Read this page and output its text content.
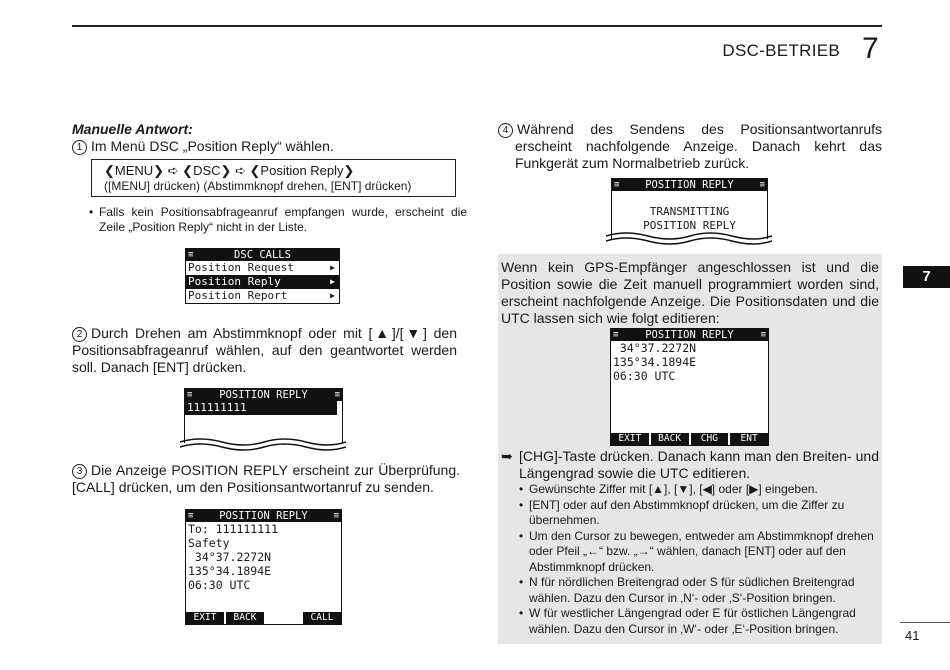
DSC-BETRIEB 7
7
41
Manuelle Antwort:
1 Im Menü DSC „Position Reply“ wählen.
❮MENU❯ ➪ ❮DSC❯ ➪ ❮Position Reply❯
([MENU] drücken) (Abstimmknopf drehen, [ENT] drücken)
• Falls kein Positionsabfrageanruf empfangen wurde, erscheint die Zeile „Position Reply“ nicht in der Liste.
≡	DSC CALLS
Position Request	▶
Position Reply	▶
Position Report	▶
2 Durch Drehen am Abstimmknopf oder mit [▲]/[▼] den Positionsabfrageanruf wählen, auf den geantwortet werden soll. Danach [ENT] drücken.
≡	POSITION REPLY	≡
111111111
3 Die Anzeige POSITION REPLY erscheint zur Überprüfung. [CALL] drücken, um den Positionsantwortanruf zu senden.
≡ POSITION REPLY	≡
To: 111111111
Safety
34°37.2272N
135°34.1894E
06:30 UTC
EXIT	BACK	CALL
4 Während des Sendens des Positionsantwortanrufs erscheint nachfolgende Anzeige. Danach kehrt das Funkgerät zum Normalbetrieb zurück.
≡ POSITION REPLY	≡
TRANSMITTING
POSITION REPLY
Wenn kein GPS-Empfänger angeschlossen ist und die Position sowie die Zeit manuell programmiert worden sind, erscheint nachfolgende Anzeige. Die Positionsdaten und die UTC lassen sich wie folgt editieren:
≡	POSITION REPLY	≡
34°37.2272N
135°34.1894E
06:30 UTC
EXIT	BACK	CHG	ENT
➥ [CHG]-Taste drücken. Danach kann man den Breiten- und Längengrad sowie die UTC editieren.
• Gewünschte Ziffer mit [▲], [▼], [◀] oder [▶] eingeben.
• [ENT] oder auf den Abstimmknopf drücken, um die Ziffer zu übernehmen.
• Um den Cursor zu bewegen, entweder am Abstimmknopf drehen oder Pfeil „←“ bzw. „→“ wählen, danach [ENT] oder auf den Abstimmknopf drücken.
• N für nördlichen Breitengrad oder S für südlichen Breitengrad wählen. Dazu den Cursor in ‚N‘- oder ‚S‘-Position bringen.
• W für westlicher Längengrad oder E für östlichen Längengrad wählen. Dazu den Cursor in ‚W‘- oder ‚E‘-Position bringen.
